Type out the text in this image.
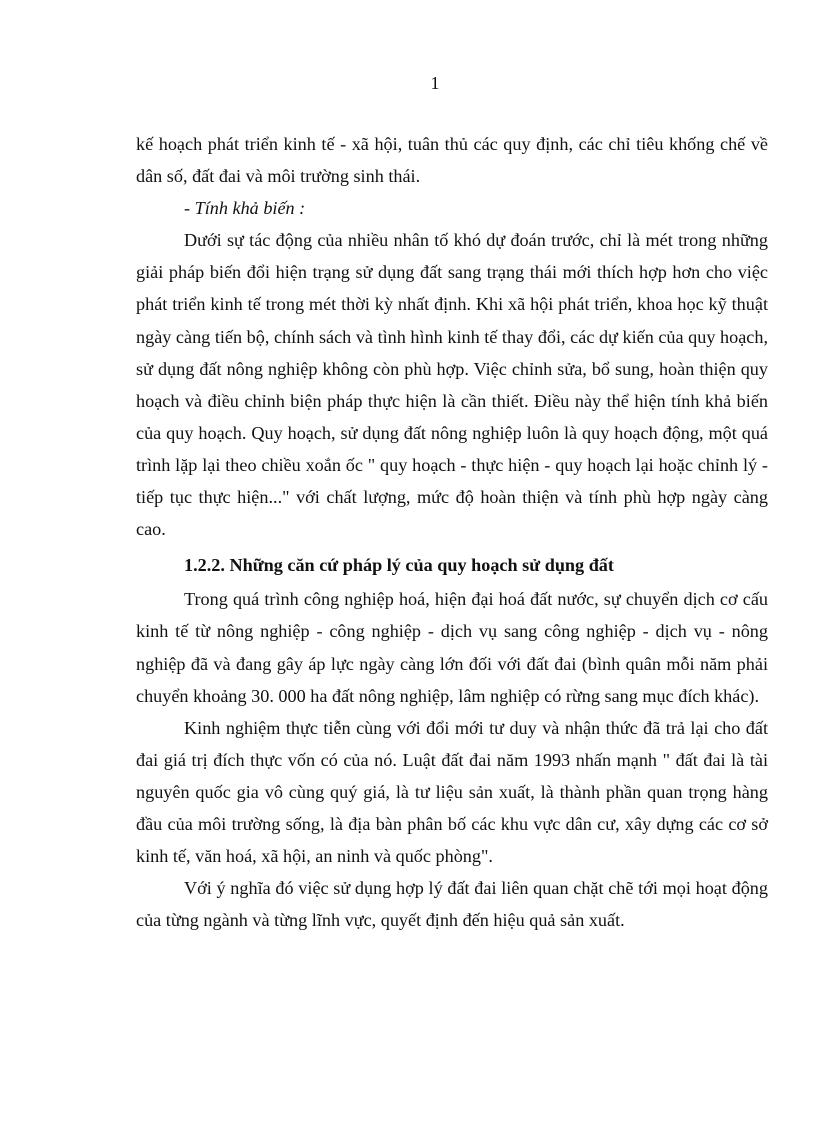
1

kế hoạch phát triển kinh tế - xã hội, tuân thủ các quy định, các chỉ tiêu khống chế về dân số, đất đai và môi trường sinh thái.

- Tính khả biến :

Dưới sự tác động của nhiều nhân tố khó dự đoán trước, chỉ là mét trong những giải pháp biến đổi hiện trạng sử dụng đất sang trạng thái mới thích hợp hơn cho việc phát triển kinh tế trong mét thời kỳ nhất định. Khi xã hội phát triển, khoa học kỹ thuật ngày càng tiến bộ, chính sách và tình hình kinh tế thay đổi, các dự kiến của quy hoạch, sử dụng đất nông nghiệp không còn phù hợp. Việc chỉnh sửa, bổ sung, hoàn thiện quy hoạch và điều chỉnh biện pháp thực hiện là cần thiết. Điều này thể hiện tính khả biến của quy hoạch. Quy hoạch, sử dụng đất nông nghiệp luôn là quy hoạch động, một quá trình lặp lại theo chiều xoắn ốc " quy hoạch - thực hiện - quy hoạch lại hoặc chỉnh lý - tiếp tục thực hiện..." với chất lượng, mức độ hoàn thiện và tính phù hợp ngày càng cao.

1.2.2. Những căn cứ pháp lý của quy hoạch sử dụng đất

Trong quá trình công nghiệp hoá, hiện đại hoá đất nước, sự chuyển dịch cơ cấu kinh tế từ nông nghiệp - công nghiệp - dịch vụ sang công nghiệp - dịch vụ - nông nghiệp đã và đang gây áp lực ngày càng lớn đối với đất đai (bình quân mỗi năm phải chuyển khoảng 30. 000 ha đất nông nghiệp, lâm nghiệp có rừng sang mục đích khác).

Kinh nghiệm thực tiễn cùng với đổi mới tư duy và nhận thức đã trả lại cho đất đai giá trị đích thực vốn có của nó. Luật đất đai năm 1993 nhấn mạnh " đất đai là tài nguyên quốc gia vô cùng quý giá, là tư liệu sản xuất, là thành phần quan trọng hàng đầu của môi trường sống, là địa bàn phân bố các khu vực dân cư, xây dựng các cơ sở kinh tế, văn hoá, xã hội, an ninh và quốc phòng".

Với ý nghĩa đó việc sử dụng hợp lý đất đai liên quan chặt chẽ tới mọi hoạt động của từng ngành và từng lĩnh vực, quyết định đến hiệu quả sản xuất.
